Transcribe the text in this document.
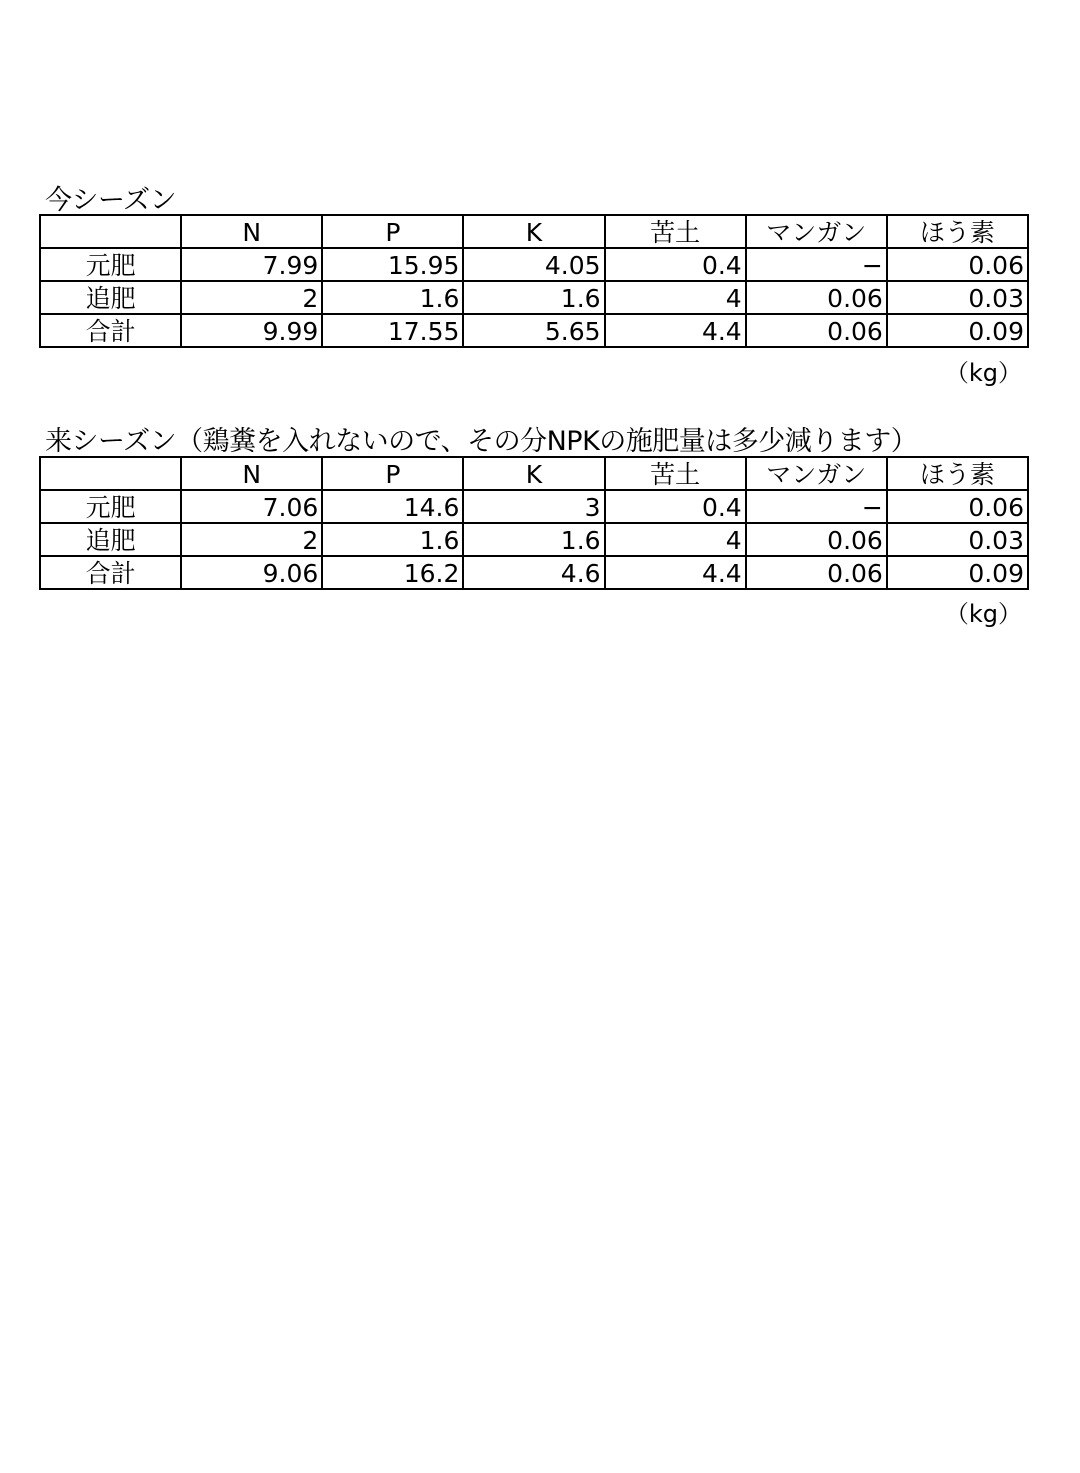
今シーズン
	N	P	K	苦土	マンガン	ほう素
元肥	7.99	15.95	4.05	0.4	−	0.06
追肥	2	1.6	1.6	4	0.06	0.03
合計	9.99	17.55	5.65	4.4	0.06	0.09
（kg）
来シーズン（鶏糞を入れないので、その分NPKの施肥量は多少減ります）
	N	P	K	苦土	マンガン	ほう素
元肥	7.06	14.6	3	0.4	−	0.06
追肥	2	1.6	1.6	4	0.06	0.03
合計	9.06	16.2	4.6	4.4	0.06	0.09
（kg）
